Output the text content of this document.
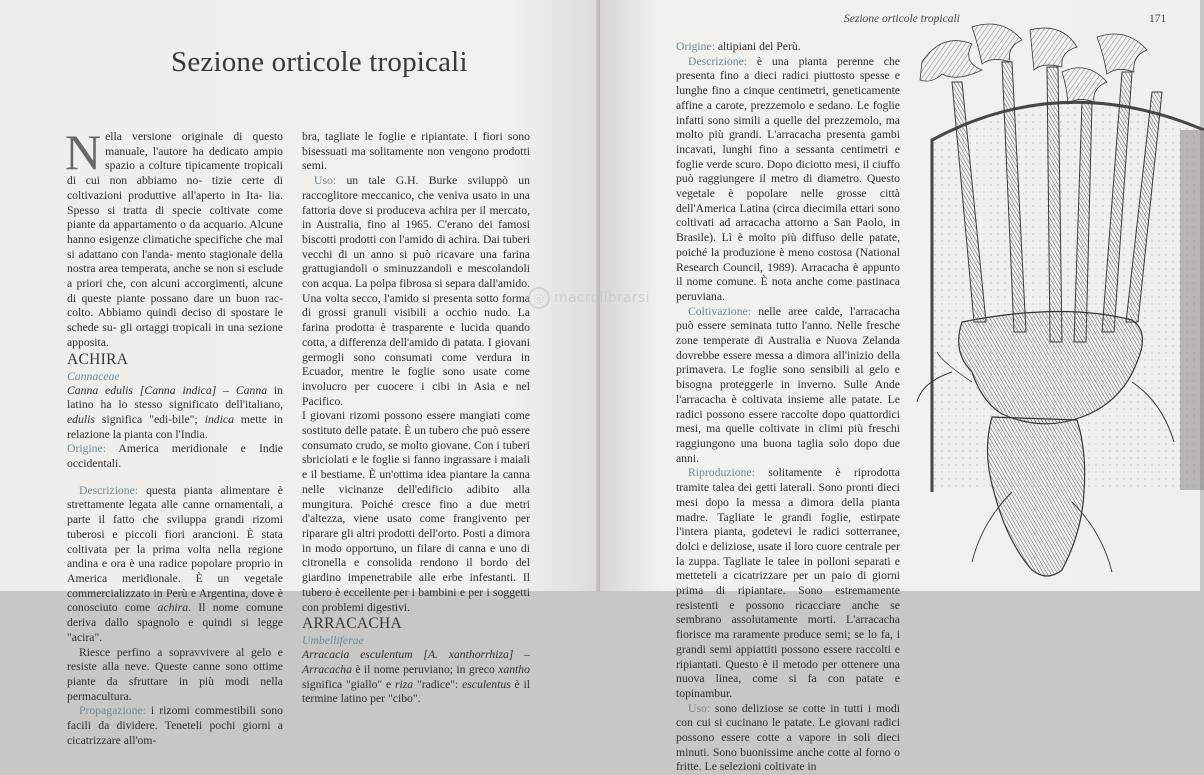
Sezione orticole tropicali

Nella versione originale di questo manuale, l'autore ha dedicato ampio spazio a colture tipicamente tropicali di cui non abbiamo no- tizie certe di coltivazioni produttive all'aperto in Ita- lia. Spesso si tratta di specie coltivate come piante da appartamento o da acquario. Alcune hanno esigenze climatiche specifiche che mal si adattano con l'anda- mento stagionale della nostra area temperata, anche se non si esclude a priori che, con alcuni accorgimenti, alcune di queste piante possano dare un buon rac- colto. Abbiamo quindi deciso di spostare le schede su- gli ortaggi tropicali in una sezione apposita.

ACHIRA

Cannaceae

Canna edulis [Canna indica] – Canna in latino ha lo stesso significato dell'italiano, edulis significa "edi-bile"; indica mette in relazione la pianta con l'India.

Origine: America meridionale e Indie occidentali.

Descrizione: questa pianta alimentare è strettamente legata alle canne ornamentali, a parte il fatto che sviluppa grandi rizomi tuberosi e piccoli fiori arancioni. È stata coltivata per la prima volta nella regione andina e ora è una radice popolare proprio in America meridionale. È un vegetale commercializzato in Perù e Argentina, dove è conosciuto come achira. Il nome comune deriva dallo spagnolo e quindi si legge "acira".

Riesce perfino a sopravvivere al gelo e resiste alla neve. Queste canne sono ottime piante da sfruttare in più modi nella permacultura.

Propagazione: i rizomi commestibili sono facili da dividere. Teneteli pochi giorni a cicatrizzare all'om-

bra, tagliate le foglie e ripiantate. I fiori sono bisessuati ma solitamente non vengono prodotti semi.

Uso: un tale G.H. Burke sviluppò un raccoglitore meccanico, che veniva usato in una fattoria dove si produceva achira per il mercato, in Australia, fino al 1965. C'erano dei famosi biscotti prodotti con l'amido di achira. Dai tuberi vecchi di un anno si può ricavare una farina grattugiandoli o sminuzzandoli e mescolandoli con acqua. La polpa fibrosa si separa dall'amido. Una volta secco, l'amido si presenta sotto forma di grossi granuli visibili a occhio nudo. La farina prodotta è trasparente e lucida quando cotta, a differenza dell'amido di patata. I giovani germogli sono consumati come verdura in Ecuador, mentre le foglie sono usate come involucro per cuocere i cibi in Asia e nel Pacifico.

I giovani rizomi possono essere mangiati come sostituto delle patate. È un tubero che può essere consumato crudo, se molto giovane. Con i tuberi sbriciolati e le foglie si fanno ingrassare i maiali e il bestiame. È un'ottima idea piantare la canna nelle vicinanze dell'edificio adibito alla mungitura. Poiché cresce fino a due metri d'altezza, viene usato come frangivento per riparare gli altri prodotti dell'orto. Posti a dimora in modo opportuno, un filare di canna e uno di citronella e consolida rendono il bordo del giardino impenetrabile alle erbe infestanti. Il tubero è eccellente per i bambini e per i soggetti con problemi digestivi.

ARRACACHA

Umbelliferae

Arracacia esculentum [A. xanthorrhiza] – Arracacha è il nome peruviano; in greco xantho significa "giallo" e riza "radice": esculentus è il termine latino per "cibo".

Sezione orticole tropicali	171

Origine: altipiani del Perù.

Descrizione: è una pianta perenne che presenta fino a dieci radici piuttosto spesse e lunghe fino a cinque centimetri, geneticamente affine a carote, prezzemolo e sedano. Le foglie infatti sono simili a quelle del prezzemolo, ma molto più grandi. L'arracacha presenta gambi incavati, lunghi fino a sessanta centimetri e foglie verde scuro. Dopo diciotto mesi, il ciuffo può raggiungere il metro di diametro. Questo vegetale è popolare nelle grosse città dell'America Latina (circa diecimila ettari sono coltivati ad arracacha attorno a San Paolo, in Brasile). Lì è molto più diffuso delle patate, poiché la produzione è meno costosa (National Research Council, 1989). Arracacha è appunto il nome comune. È nota anche come pastinaca peruviana.

Coltivazione: nelle aree calde, l'arracacha può essere seminata tutto l'anno. Nelle fresche zone temperate di Australia e Nuova Zelanda dovrebbe essere messa a dimora all'inizio della primavera. Le foglie sono sensibili al gelo e bisogna proteggerle in inverno. Sulle Ande l'arracacha è coltivata insieme alle patate. Le radici possono essere raccolte dopo quattordici mesi, ma quelle coltivate in climi più freschi raggiungono una buona taglia solo dopo due anni.

Riproduzione: solitamente è riprodotta tramite talea dei getti laterali. Sono pronti dieci mesi dopo la messa a dimora della pianta madre. Tagliate le grandi foglie, estirpate l'intera pianta, godetevi le radici sotterranee, dolci e deliziose, usate il loro cuore centrale per la zuppa. Tagliate le talee in polloni separati e metteteli a cicatrizzare per un paio di giorni prima di ripiantare. Sono estremamente resistenti e possono ricacciare anche se sembrano assolutamente morti. L'arracacha fiorisce ma raramente produce semi; se lo fa, i grandi semi appiattiti possono essere raccolti e ripiantati. Questo è il metodo per ottenere una nuova linea, come si fa con patate e topinambur.

Uso: sono deliziose se cotte in tutti i modi con cui si cucinano le patate. Le giovani radici possono essere cotte a vapore in soli dieci minuti. Sono buonissime anche cotte al forno o fritte. Le selezioni coltivate in

◎ macrolibrarsi
